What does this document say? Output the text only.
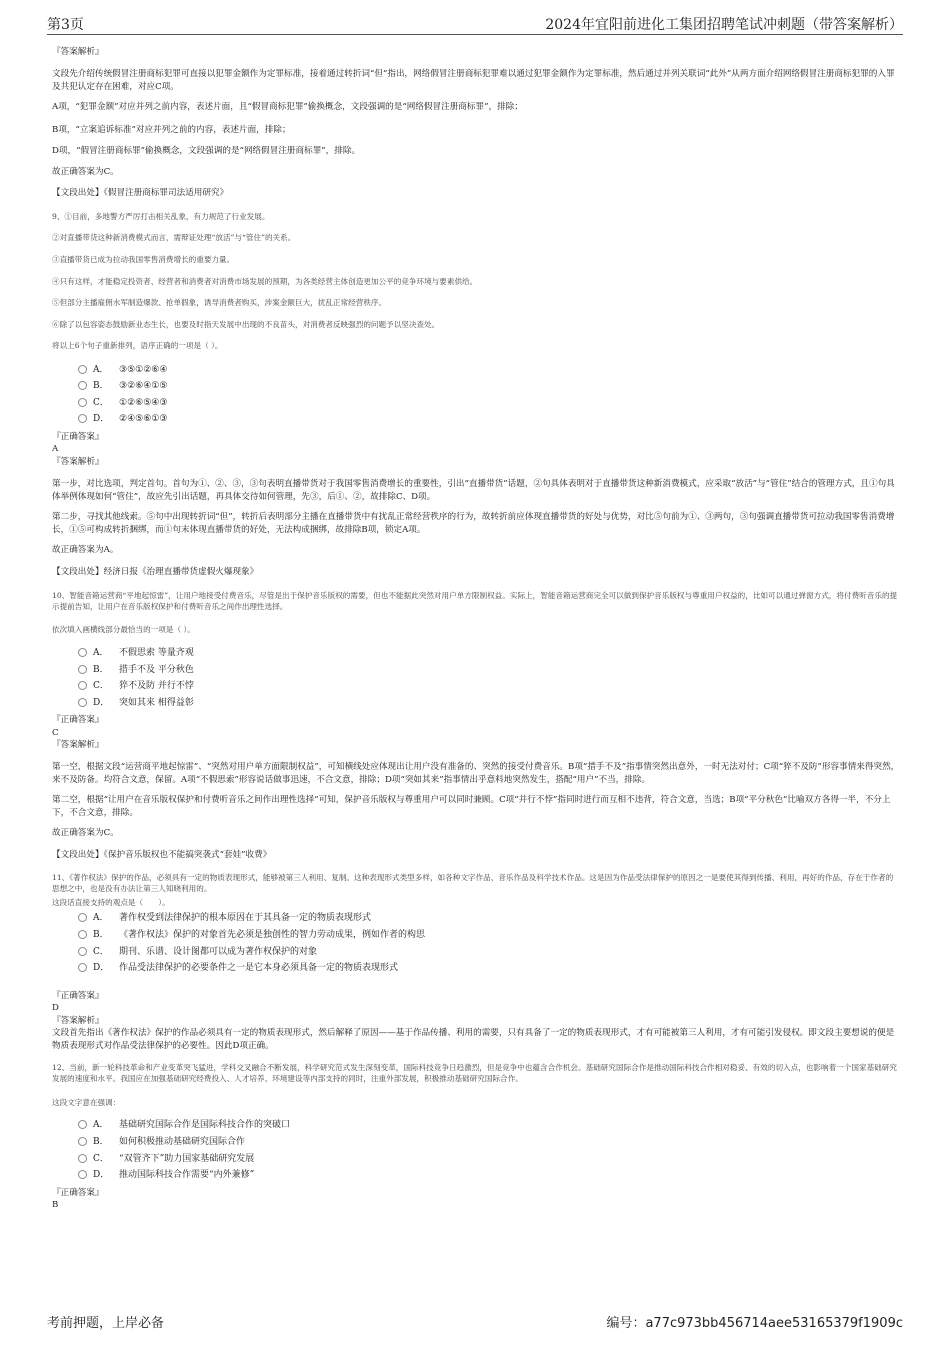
第3页	2024年宜阳前进化工集团招聘笔试冲刺题（带答案解析）

『答案解析』

文段先介绍传统假冒注册商标犯罪可直接以犯罪金额作为定罪标准，接着通过转折词“但”指出，网络假冒注册商标犯罪难以通过犯罪金额作为定罪标准，然后通过并列关联词“此外”从两方面介绍网络假冒注册商标犯罪的入罪及共犯认定存在困难，对应C项。

A项，“犯罪金额”对应并列之前内容，表述片面，且“假冒商标犯罪”偷换概念，文段强调的是“网络假冒注册商标罪”，排除；

B项，“立案追诉标准”对应并列之前的内容，表述片面，排除；

D项，“假冒注册商标罪”偷换概念，文段强调的是“网络假冒注册商标罪”，排除。

故正确答案为C。

【文段出处】《假冒注册商标罪司法适用研究》

9、①目前，多地警方严厉打击相关乱象，有力规范了行业发展。

②对直播带货这种新消费模式而言，需辩证处理“放活”与“管住”的关系。

③直播带货已成为拉动我国零售消费增长的重要力量。

④只有这样，才能稳定投资者、经营者和消费者对消费市场发展的预期，为各类经营主体创造更加公平的竞争环境与要素供给。

⑤但部分主播雇佣水军制造爆款、抢单假象，诱导消费者购买，涉案金额巨大，扰乱正常经营秩序。

⑥除了以包容姿态鼓励新业态生长，也要及时指天发展中出现的不良苗头，对消费者反映强烈的问题予以坚决查处。

将以上6个句子重新排列，语序正确的一项是（ ）。

A． ③⑤①②⑥④
B． ③②⑥④①⑤
C． ①②⑥⑤④③
D． ②④⑤⑥①③

『正确答案』

A

『答案解析』

第一步，对比选项，判定首句。首句为①、②、③，③句表明直播带货对于我国零售消费增长的重要性，引出“直播带货”话题，②句具体表明对于直播带货这种新消费模式，应采取“放活”与“管住”结合的管理方式，且①句具体举例体现如何“管住”，故应先引出话题，再具体交待如何管理，先③，后①、②，故排除C、D项。

第二步，寻找其他线索。⑤句中出现转折词“但”，转折后表明部分主播在直播带货中有扰乱正常经营秩序的行为，故转折前应体现直播带货的好处与优势，对比⑤句前为①、③两句，③句强调直播带货可拉动我国零售消费增长，①⑤可构成转折捆绑，而①句末体现直播带货的好处，无法构成捆绑，故排除B项，锁定A项。

故正确答案为A。

【文段出处】经济日报《治理直播带货虚假火爆现象》

10、智能音箱运营商“平地起惊雷”，让用户地接受付费音乐，尽管是出于保护音乐版权的需要，但也不能据此突然对用户单方限制权益。实际上，智能音箱运营商完全可以做到保护音乐版权与尊重用户权益的，比如可以通过弹窗方式，将付费听音乐的提示提前告知，让用户在音乐版权保护和付费听音乐之间作出理性选择。

依次填入画横线部分最恰当的一项是（ ）。

A． 不假思索 等量齐观
B． 措手不及 平分秋色
C． 猝不及防 并行不悖
D． 突如其来 相得益彰

『正确答案』

C

『答案解析』

第一空，根据文段“运营商平地起惊雷”、“突然对用户单方面限制权益”，可知横线处应体现出让用户没有准备的、突然的接受付费音乐。B项“措手不及”指事情突然出意外，一时无法对付；C项“猝不及防”形容事情来得突然，来不及防备。均符合文意，保留。A项“不假思索”形容说话做事迅速，不合文意，排除；D项“突如其来”指事情出乎意料地突然发生，搭配“用户”不当，排除。

第二空，根据“让用户在音乐版权保护和付费听音乐之间作出理性选择”可知，保护音乐版权与尊重用户可以同时兼顾。C项“并行不悖”指同时进行而互相不违背，符合文意，当选；B项“平分秋色”比喻双方各得一半，不分上下，不合文意，排除。

故正确答案为C。

【文段出处】《保护音乐版权也不能搞突袭式“套娃”收费》

11、《著作权法》保护的作品，必须具有一定的物质表现形式，能够被第三人利用、复制。这种表现形式类型多样，如各种文字作品、音乐作品及科学技术作品。这是因为作品受法律保护的原因之一是要使其得到传播、利用，再好的作品，存在于作者的思想之中，也是没有办法让第三人知晓利用的。

这段话直接支持的观点是（　　）。

A． 著作权受到法律保护的根本原因在于其具备一定的物质表现形式
B． 《著作权法》保护的对象首先必须是独创性的智力劳动成果，例如作者的构思
C． 期刊、乐谱、设计图都可以成为著作权保护的对象
D． 作品受法律保护的必要条件之一是它本身必须具备一定的物质表现形式

『正确答案』

D

『答案解析』

文段首先指出《著作权法》保护的作品必须具有一定的物质表现形式，然后解释了原因——基于作品传播、利用的需要，只有具备了一定的物质表现形式，才有可能被第三人利用，才有可能引发侵权。即文段主要想说的便是物质表现形式对作品受法律保护的必要性。因此D项正确。

12、当前，新一轮科技革命和产业变革突飞猛进，学科交叉融合不断发展，科学研究范式发生深刻变革，国际科技竞争日趋激烈，但是竞争中也蕴含合作机会。基础研究国际合作是推动国际科技合作相对稳妥、有效的切入点，也影响着一个国家基础研究发展的速度和水平。我国应在加强基础研究经费投入、人才培养、环境建设等内部支持的同时，注重外部发展，积极推动基础研究国际合作。

这段文字意在强调：

A． 基础研究国际合作是国际科技合作的突破口
B． 如何积极推动基础研究国际合作
C． “双管齐下”助力国家基础研究发展
D． 推动国际科技合作需要“内外兼修”

『正确答案』

B

考前押题，上岸必备	编号：a77c973bb456714aee53165379f1909c
